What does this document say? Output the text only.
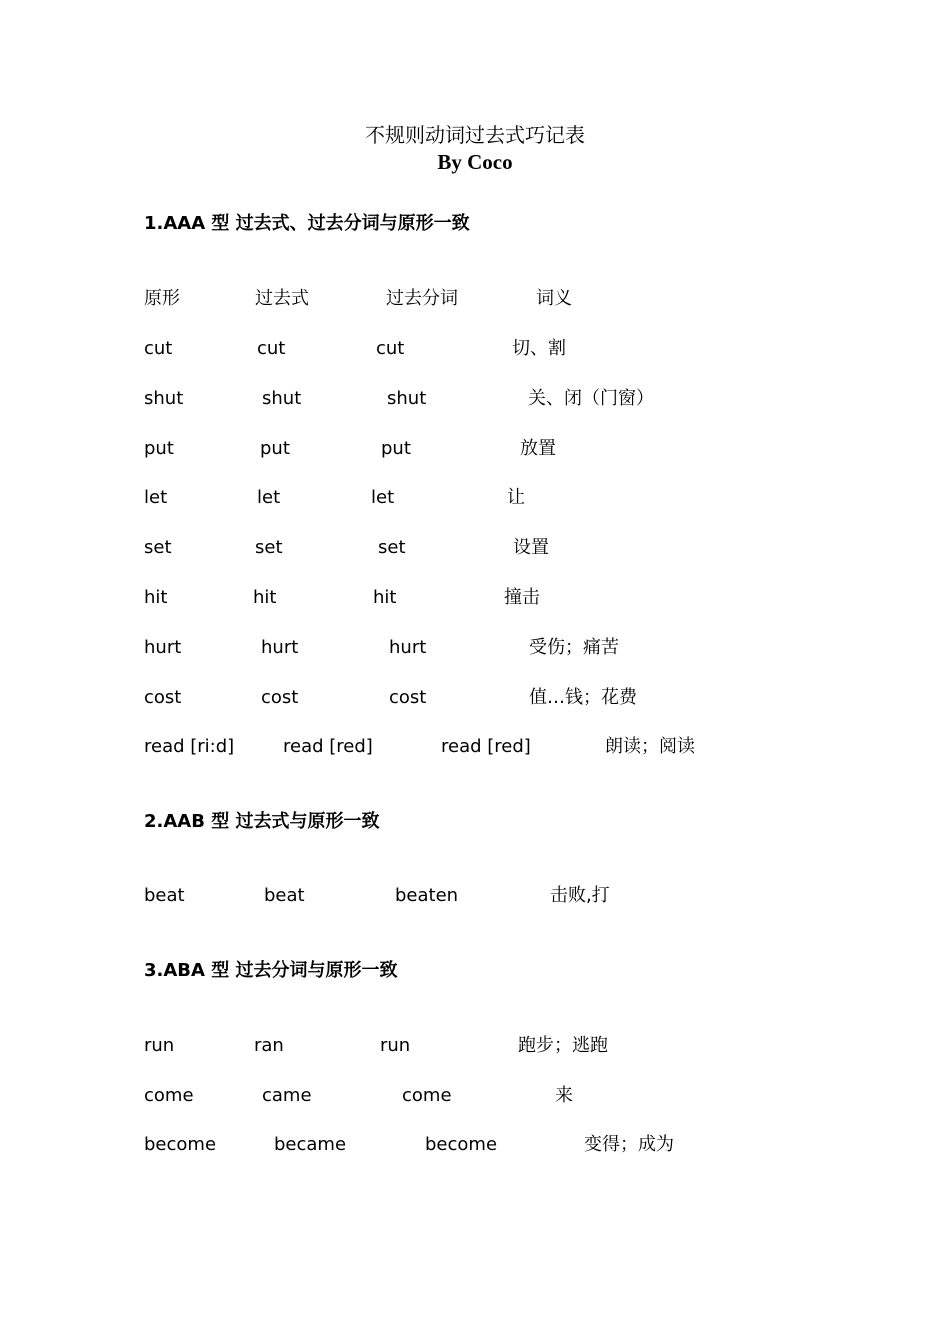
不规则动词过去式巧记表
By Coco
1.AAA 型 过去式、过去分词与原形一致
原形	过去式	过去分词	词义
cut	cut	cut	切、割
shut	shut	shut	关、闭（门窗）
put	put	put	放置
let	let	let	让
set	set	set	设置
hit	hit	hit	撞击
hurt	hurt	hurt	受伤；痛苦
cost	cost	cost	值…钱；花费
read [ri:d]	read [red]	read [red]	朗读；阅读
2.AAB 型 过去式与原形一致
beat	beat	beaten	击败,打
3.ABA 型 过去分词与原形一致
run	ran	run	跑步；逃跑
come	came	come	来
become	became	become	变得；成为
